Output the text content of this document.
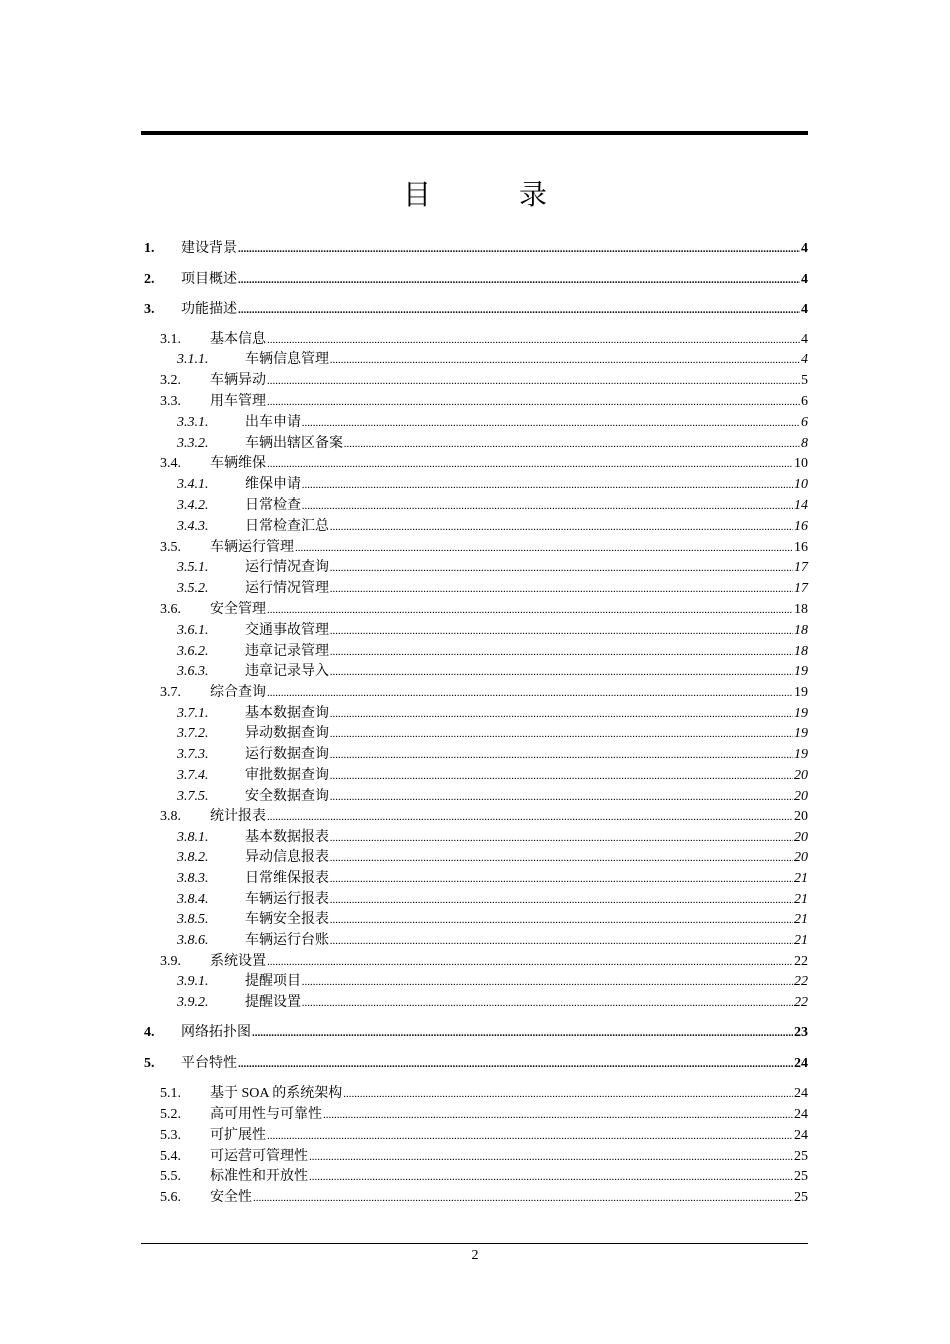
目　录
1.	建设背景 .....	4
2.	项目概述 .....	4
3.	功能描述 .....	4
3.1.	基本信息 .....	4
3.1.1.	车辆信息管理 .....	4
3.2.	车辆异动 .....	5
3.3.	用车管理 .....	6
3.3.1.	出车申请 .....	6
3.3.2.	车辆出辖区备案 .....	8
3.4.	车辆维保 .....	10
3.4.1.	维保申请 .....	10
3.4.2.	日常检查 .....	14
3.4.3.	日常检查汇总 .....	16
3.5.	车辆运行管理 .....	16
3.5.1.	运行情况查询 .....	17
3.5.2.	运行情况管理 .....	17
3.6.	安全管理 .....	18
3.6.1.	交通事故管理 .....	18
3.6.2.	违章记录管理 .....	18
3.6.3.	违章记录导入 .....	19
3.7.	综合查询 .....	19
3.7.1.	基本数据查询 .....	19
3.7.2.	异动数据查询 .....	19
3.7.3.	运行数据查询 .....	19
3.7.4.	审批数据查询 .....	20
3.7.5.	安全数据查询 .....	20
3.8.	统计报表 .....	20
3.8.1.	基本数据报表 .....	20
3.8.2.	异动信息报表 .....	20
3.8.3.	日常维保报表 .....	21
3.8.4.	车辆运行报表 .....	21
3.8.5.	车辆安全报表 .....	21
3.8.6.	车辆运行台账 .....	21
3.9.	系统设置 .....	22
3.9.1.	提醒项目 .....	22
3.9.2.	提醒设置 .....	22
4.	网络拓扑图 .....	23
5.	平台特性 .....	24
5.1.	基于 SOA 的系统架构 .....	24
5.2.	高可用性与可靠性 .....	24
5.3.	可扩展性 .....	24
5.4.	可运营可管理性 .....	25
5.5.	标准性和开放性 .....	25
5.6.	安全性 .....	25
2
